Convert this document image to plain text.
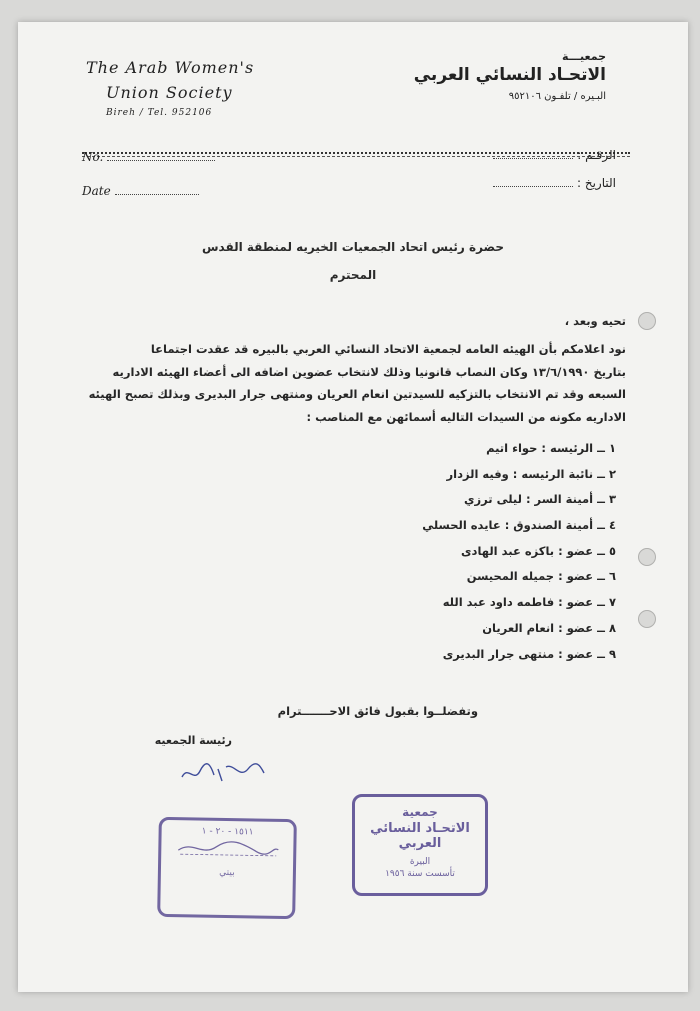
The Arab Women's
Union Society
Bireh / Tel. 952106
جمعيـــة
الاتحـاد النسائي العربي
البـيره / تلفـون ٩٥٢١٠٦
No.
Date
الرقـم :
التاريخ :
حضرة رئيس اتحاد الجمعيات الخيريه لمنطقة القدس
المحترم
تحيه وبعد ،
نود اعلامكم بأن الهيئه العامه لجمعية الاتحاد النسائي العربي بالبيره قد عقدت اجتماعا
بتاريخ ١٣/٦/١٩٩٠ وكان النصاب قانونيا وذلك لانتخاب عضوين اضافه الى أعضاء الهيئه الاداريه
السبعه وقد تم الانتخاب بالتزكيه للسيدتين انعام العريان ومنتهى جرار البديرى وبذلك تصبح الهيئه
الاداريه مكونه من السيدات التاليه أسمائهن مع المناصب :
١ ــ الرئيسه : حواء اتيم
٢ ــ نائبة الرئيسه : وفيه الزدار
٣ ــ أمينة السر : ليلى ترزي
٤ ــ أمينة الصندوق : عايده الحسلي
٥ ــ عضو : باكزه عبد الهادى
٦ ــ عضو : جميله المحيسن
٧ ــ عضو : فاطمه داود عبد الله
٨ ــ عضو : انعام العريان
٩ ــ عضو : منتهى جرار البديرى
وتفضلــوا بقبول فائق الاحـــــــترام
رئيسة الجمعيه
١٥١١ - ٢٠ - ١
بيتي
جمعية
الاتحـاد النسائي العربي
البيرة
تأسست سنة ١٩٥٦
